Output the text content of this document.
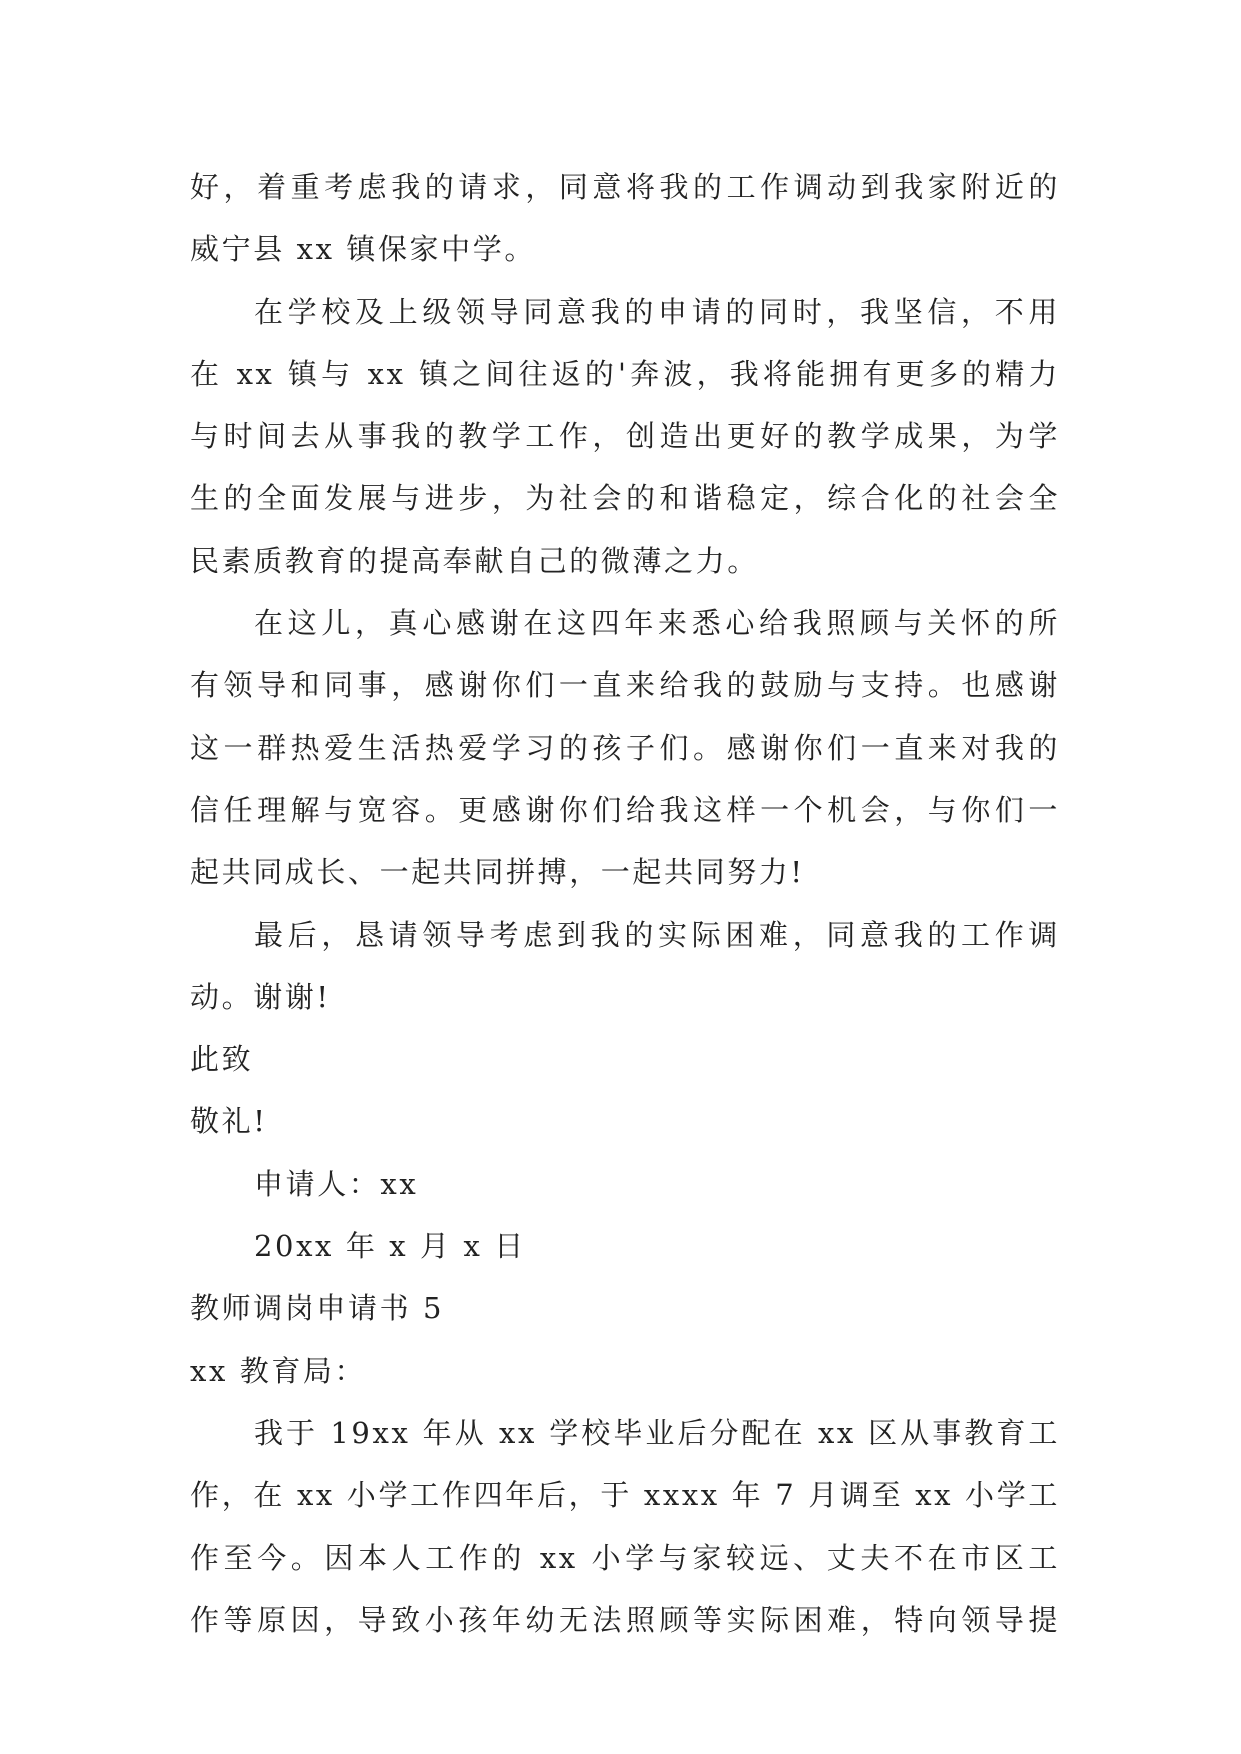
好，着重考虑我的请求，同意将我的工作调动到我家附近的
威宁县 xx 镇保家中学。
在学校及上级领导同意我的申请的同时，我坚信，不用
在 xx 镇与 xx 镇之间往返的'奔波，我将能拥有更多的精力
与时间去从事我的教学工作，创造出更好的教学成果，为学
生的全面发展与进步，为社会的和谐稳定，综合化的社会全
民素质教育的提高奉献自己的微薄之力。
在这儿，真心感谢在这四年来悉心给我照顾与关怀的所
有领导和同事，感谢你们一直来给我的鼓励与支持。也感谢
这一群热爱生活热爱学习的孩子们。感谢你们一直来对我的
信任理解与宽容。更感谢你们给我这样一个机会，与你们一
起共同成长、一起共同拼搏，一起共同努力!
最后，恳请领导考虑到我的实际困难，同意我的工作调
动。谢谢!
此致
敬礼!
申请人：xx
20xx 年 x 月 x 日
教师调岗申请书 5
xx 教育局：
我于 19xx 年从 xx 学校毕业后分配在 xx 区从事教育工
作，在 xx 小学工作四年后，于 xxxx 年 7 月调至 xx 小学工
作至今。因本人工作的 xx 小学与家较远、丈夫不在市区工
作等原因，导致小孩年幼无法照顾等实际困难，特向领导提
